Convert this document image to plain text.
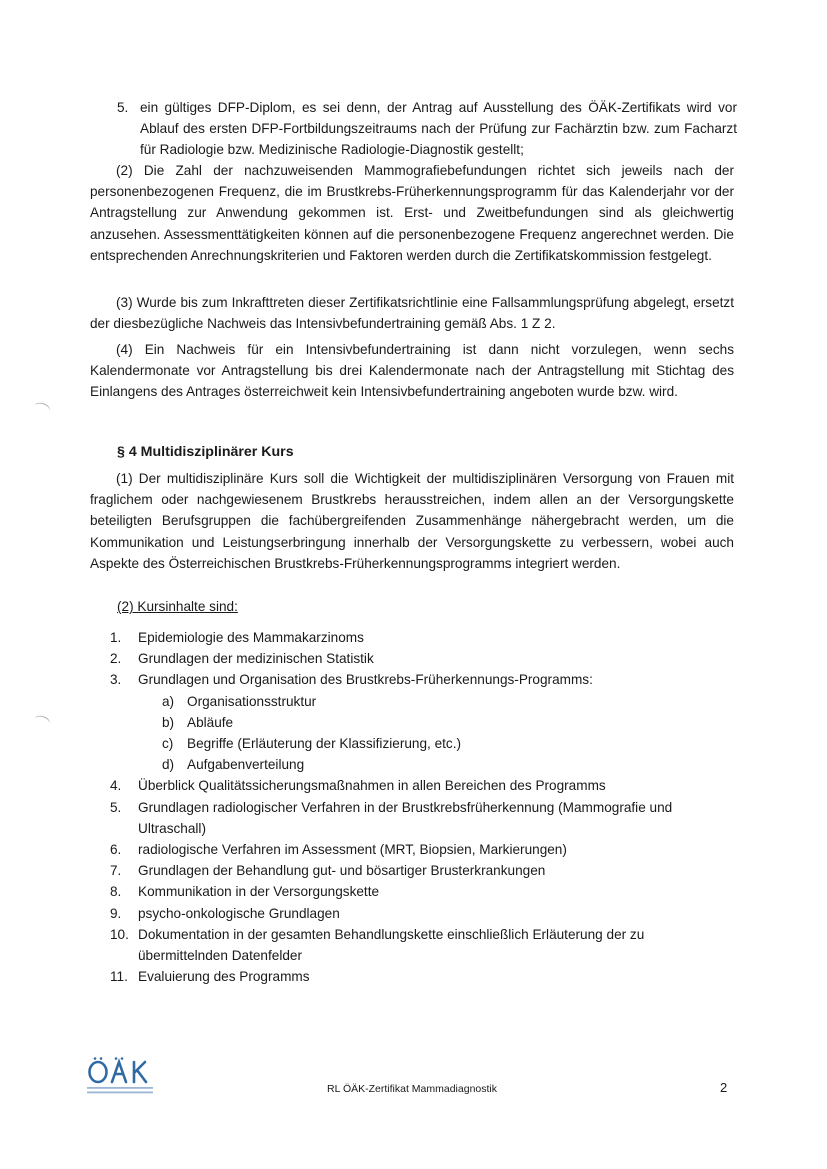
5. ein gültiges DFP-Diplom, es sei denn, der Antrag auf Ausstellung des ÖÄK-Zertifikats wird vor Ablauf des ersten DFP-Fortbildungszeitraums nach der Prüfung zur Fachärztin bzw. zum Facharzt für Radiologie bzw. Medizinische Radiologie-Diagnostik gestellt;

(2) Die Zahl der nachzuweisenden Mammografiebefundungen richtet sich jeweils nach der personenbezogenen Frequenz, die im Brustkrebs-Früherkennungsprogramm für das Kalenderjahr vor der Antragstellung zur Anwendung gekommen ist. Erst- und Zweitbefundungen sind als gleichwertig anzusehen. Assessmenttätigkeiten können auf die personenbezogene Frequenz angerechnet werden. Die entsprechenden Anrechnungskriterien und Faktoren werden durch die Zertifikatskommission festgelegt.

(3) Wurde bis zum Inkrafttreten dieser Zertifikatsrichtlinie eine Fallsammlungsprüfung abgelegt, ersetzt der diesbezügliche Nachweis das Intensivbefundertraining gemäß Abs. 1 Z 2.

(4) Ein Nachweis für ein Intensivbefundertraining ist dann nicht vorzulegen, wenn sechs Kalendermonate vor Antragstellung bis drei Kalendermonate nach der Antragstellung mit Stichtag des Einlangens des Antrages österreichweit kein Intensivbefundertraining angeboten wurde bzw. wird.

§ 4 Multidisziplinärer Kurs

(1) Der multidisziplinäre Kurs soll die Wichtigkeit der multidisziplinären Versorgung von Frauen mit fraglichem oder nachgewiesenem Brustkrebs herausstreichen, indem allen an der Versorgungskette beteiligten Berufsgruppen die fachübergreifenden Zusammenhänge nähergebracht werden, um die Kommunikation und Leistungserbringung innerhalb der Versorgungskette zu verbessern, wobei auch Aspekte des Österreichischen Brustkrebs-Früherkennungsprogramms integriert werden.

(2) Kursinhalte sind:
1.	Epidemiologie des Mammakarzinoms
2.	Grundlagen der medizinischen Statistik
3.	Grundlagen und Organisation des Brustkrebs-Früherkennungs-Programms:
a) Organisationsstruktur
b) Abläufe
c)	Begriffe (Erläuterung der Klassifizierung, etc.)
d) Aufgabenverteilung
4.	Überblick Qualitätssicherungsmaßnahmen in allen Bereichen des Programms
5.	Grundlagen radiologischer Verfahren in der Brustkrebsfrüherkennung (Mammografie und Ultraschall)
6.	radiologische Verfahren im Assessment (MRT, Biopsien, Markierungen)
7.	Grundlagen der Behandlung gut- und bösartiger Brusterkrankungen
8.	Kommunikation in der Versorgungskette
9.	psycho-onkologische Grundlagen
10. Dokumentation in der gesamten Behandlungskette einschließlich Erläuterung der zu übermittelnden Datenfelder
11. Evaluierung des Programms
RL ÖÄK-Zertifikat Mammadiagnostik	2
